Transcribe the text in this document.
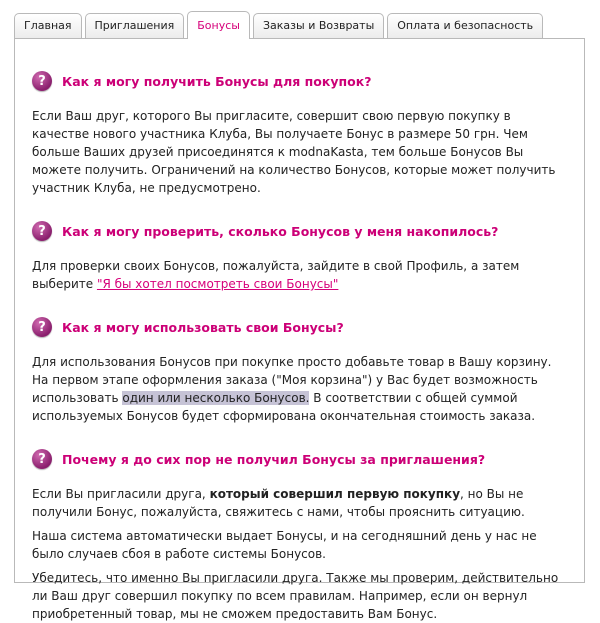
Главная	Приглашения	Бонусы	Заказы и Возвраты	Оплата и безопасность
?	Как я могу получить Бонусы для покупок?

Если Ваш друг, которого Вы пригласите, совершит свою первую покупку в качестве нового участника Клуба, Вы получаете Бонус в размере 50 грн. Чем больше Ваших друзей присоединятся к modnaKasta, тем больше Бонусов Вы можете получить. Ограничений на количество Бонусов, которые может получить участник Клуба, не предусмотрено.

?	Как я могу проверить, сколько Бонусов у меня накопилось?

Для проверки своих Бонусов, пожалуйста, зайдите в свой Профиль, а затем выберите "Я бы хотел посмотреть свои Бонусы"

?	Как я могу использовать свои Бонусы?

Для использования Бонусов при покупке просто добавьте товар в Вашу корзину. На первом этапе оформления заказа ("Моя корзина") у Вас будет возможность использовать один или несколько Бонусов. В соответствии с общей суммой используемых Бонусов будет сформирована окончательная стоимость заказа.

?	Почему я до сих пор не получил Бонусы за приглашения?

Если Вы пригласили друга, который совершил первую покупку, но Вы не получили Бонус, пожалуйста, свяжитесь с нами, чтобы прояснить ситуацию.

Наша система автоматически выдает Бонусы, и на сегодняшний день у нас не было случаев сбоя в работе системы Бонусов.

Убедитесь, что именно Вы пригласили друга. Также мы проверим, действительно ли Ваш друг совершил покупку по всем правилам. Например, если он вернул приобретенный товар, мы не сможем предоставить Вам Бонус.
